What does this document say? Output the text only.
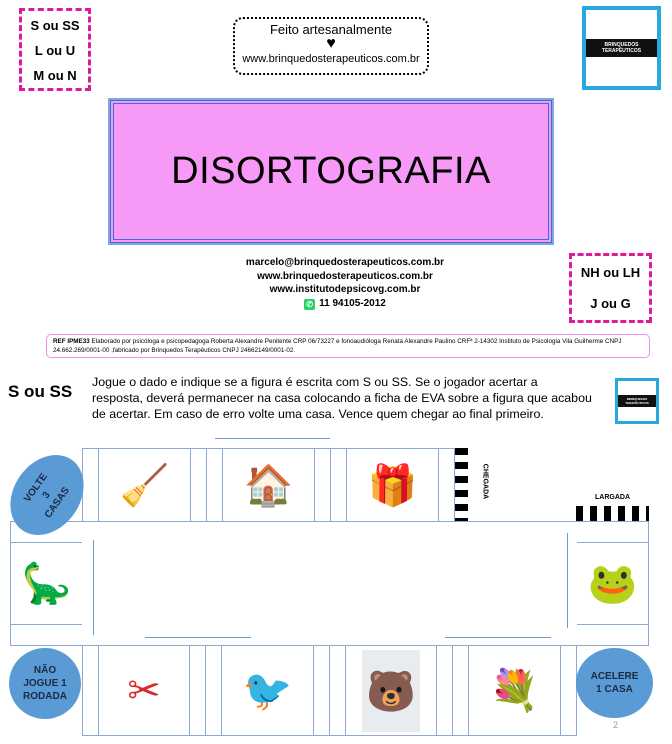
S ou SS
L ou U
M ou N
Feito artesanalmente
♥
www.brinquedosterapeuticos.com.br
BRINQUEDOS TERAPÊUTICOS
DISORTOGRAFIA
marcelo@brinquedosterapeuticos.com.br
www.brinquedosterapeuticos.com.br
www.institutodepsicovg.com.br
✆ 11 94105-2012
NH ou LH
J ou G
REF IPME33 Elaborado por psicóloga e psicopedagoga Roberta Alexandre Penitente CRP 06/73227 e fonoaudióloga Renata Alexandre Paulino CRFª 2-14302 Instituto de Psicologia Vila Guilherme CNPJ 24.662.269/0001-00 ,fabricado por Brinquedos Terapêuticos CNPJ 24662149/0001-02.
S ou SS Jogue o dado e indique se a figura é escrita com S ou SS. Se o jogador acertar a resposta, deverá permanecer na casa colocando a ficha de EVA sobre a figura que acabou de acertar. Em caso de erro volte uma casa. Vence quem chegar ao final primeiro.
BRINQUEDOS TERAPÊUTICOS
🧹	🏠	🎁	CHEGADA
🦕	🐸
LARGADA
✂	🐦	🐻	💐
VOLTE 3 CASAS
NÃO JOGUE 1 RODADA
ACELERE 1 CASA
2
